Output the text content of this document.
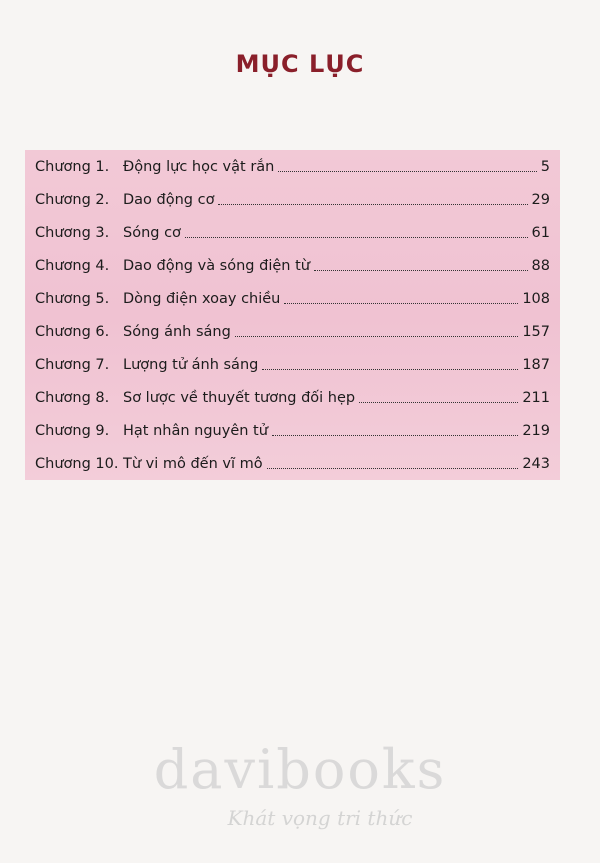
MỤC LỤC
Chương 1. Động lực học vật rắn	5
Chương 2. Dao động cơ	29
Chương 3. Sóng cơ	61
Chương 4. Dao động và sóng điện từ	88
Chương 5. Dòng điện xoay chiều	108
Chương 6. Sóng ánh sáng	157
Chương 7. Lượng tử ánh sáng	187
Chương 8. Sơ lược về thuyết tương đối hẹp	211
Chương 9. Hạt nhân nguyên tử	219
Chương 10. Từ vi mô đến vĩ mô	243
davibooks
Khát vọng tri thức
